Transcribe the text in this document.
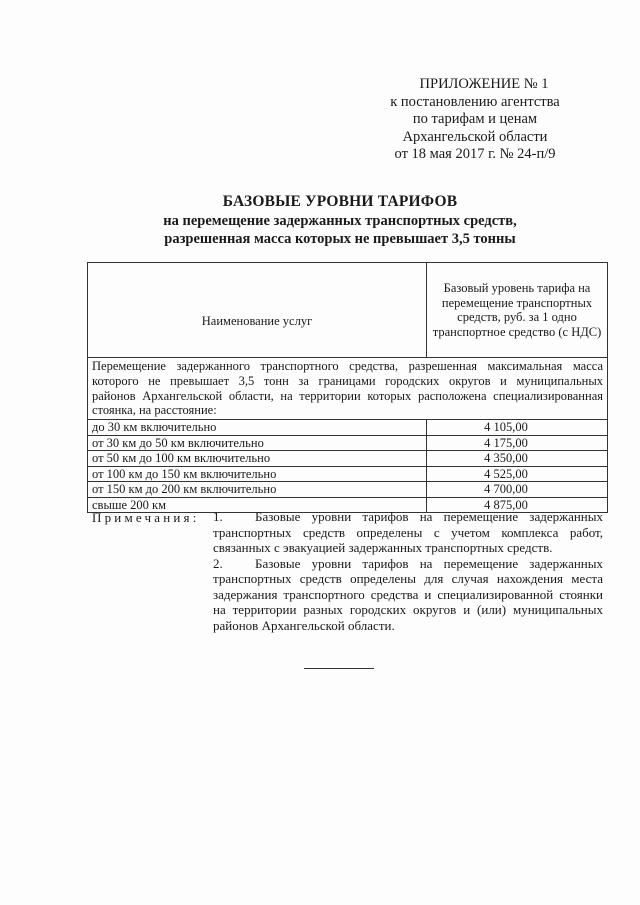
ПРИЛОЖЕНИЕ № 1
к постановлению агентства
по тарифам и ценам
Архангельской области
от 18 мая 2017 г. № 24-п/9
БАЗОВЫЕ УРОВНИ ТАРИФОВ
на перемещение задержанных транспортных средств,
разрешенная масса которых не превышает 3,5 тонны
Наименование услуг	Базовый уровень тарифа на перемещение транспортных средств, руб. за 1 одно транспортное средство (с НДС)

Перемещение задержанного транспортного средства, разрешенная максимальная масса
которого не превышает 3,5 тонн за границами городских округов и муниципальных
районов Архангельской области, на территории которых расположена специализированная
стоянка, на расстояние:	

до 30 км включительно	4 105,00
от 30 км до 50 км включительно	4 175,00
от 50 км до 100 км включительно	4 350,00
от 100 км до 150 км включительно	4 525,00
от 150 км до 200 км включительно	4 700,00
свыше 200 км	4 875,00
Примечания: 1. Базовые уровни тарифов на перемещение задержанных транспортных средств определены с учетом комплекса работ, связанных с эвакуацией задержанных транспортных средств.
2. Базовые уровни тарифов на перемещение задержанных транспортных средств определены для случая нахождения места задержания транспортного средства и специализированной стоянки на территории разных городских округов и (или) муниципальных районов Архангельской области.
